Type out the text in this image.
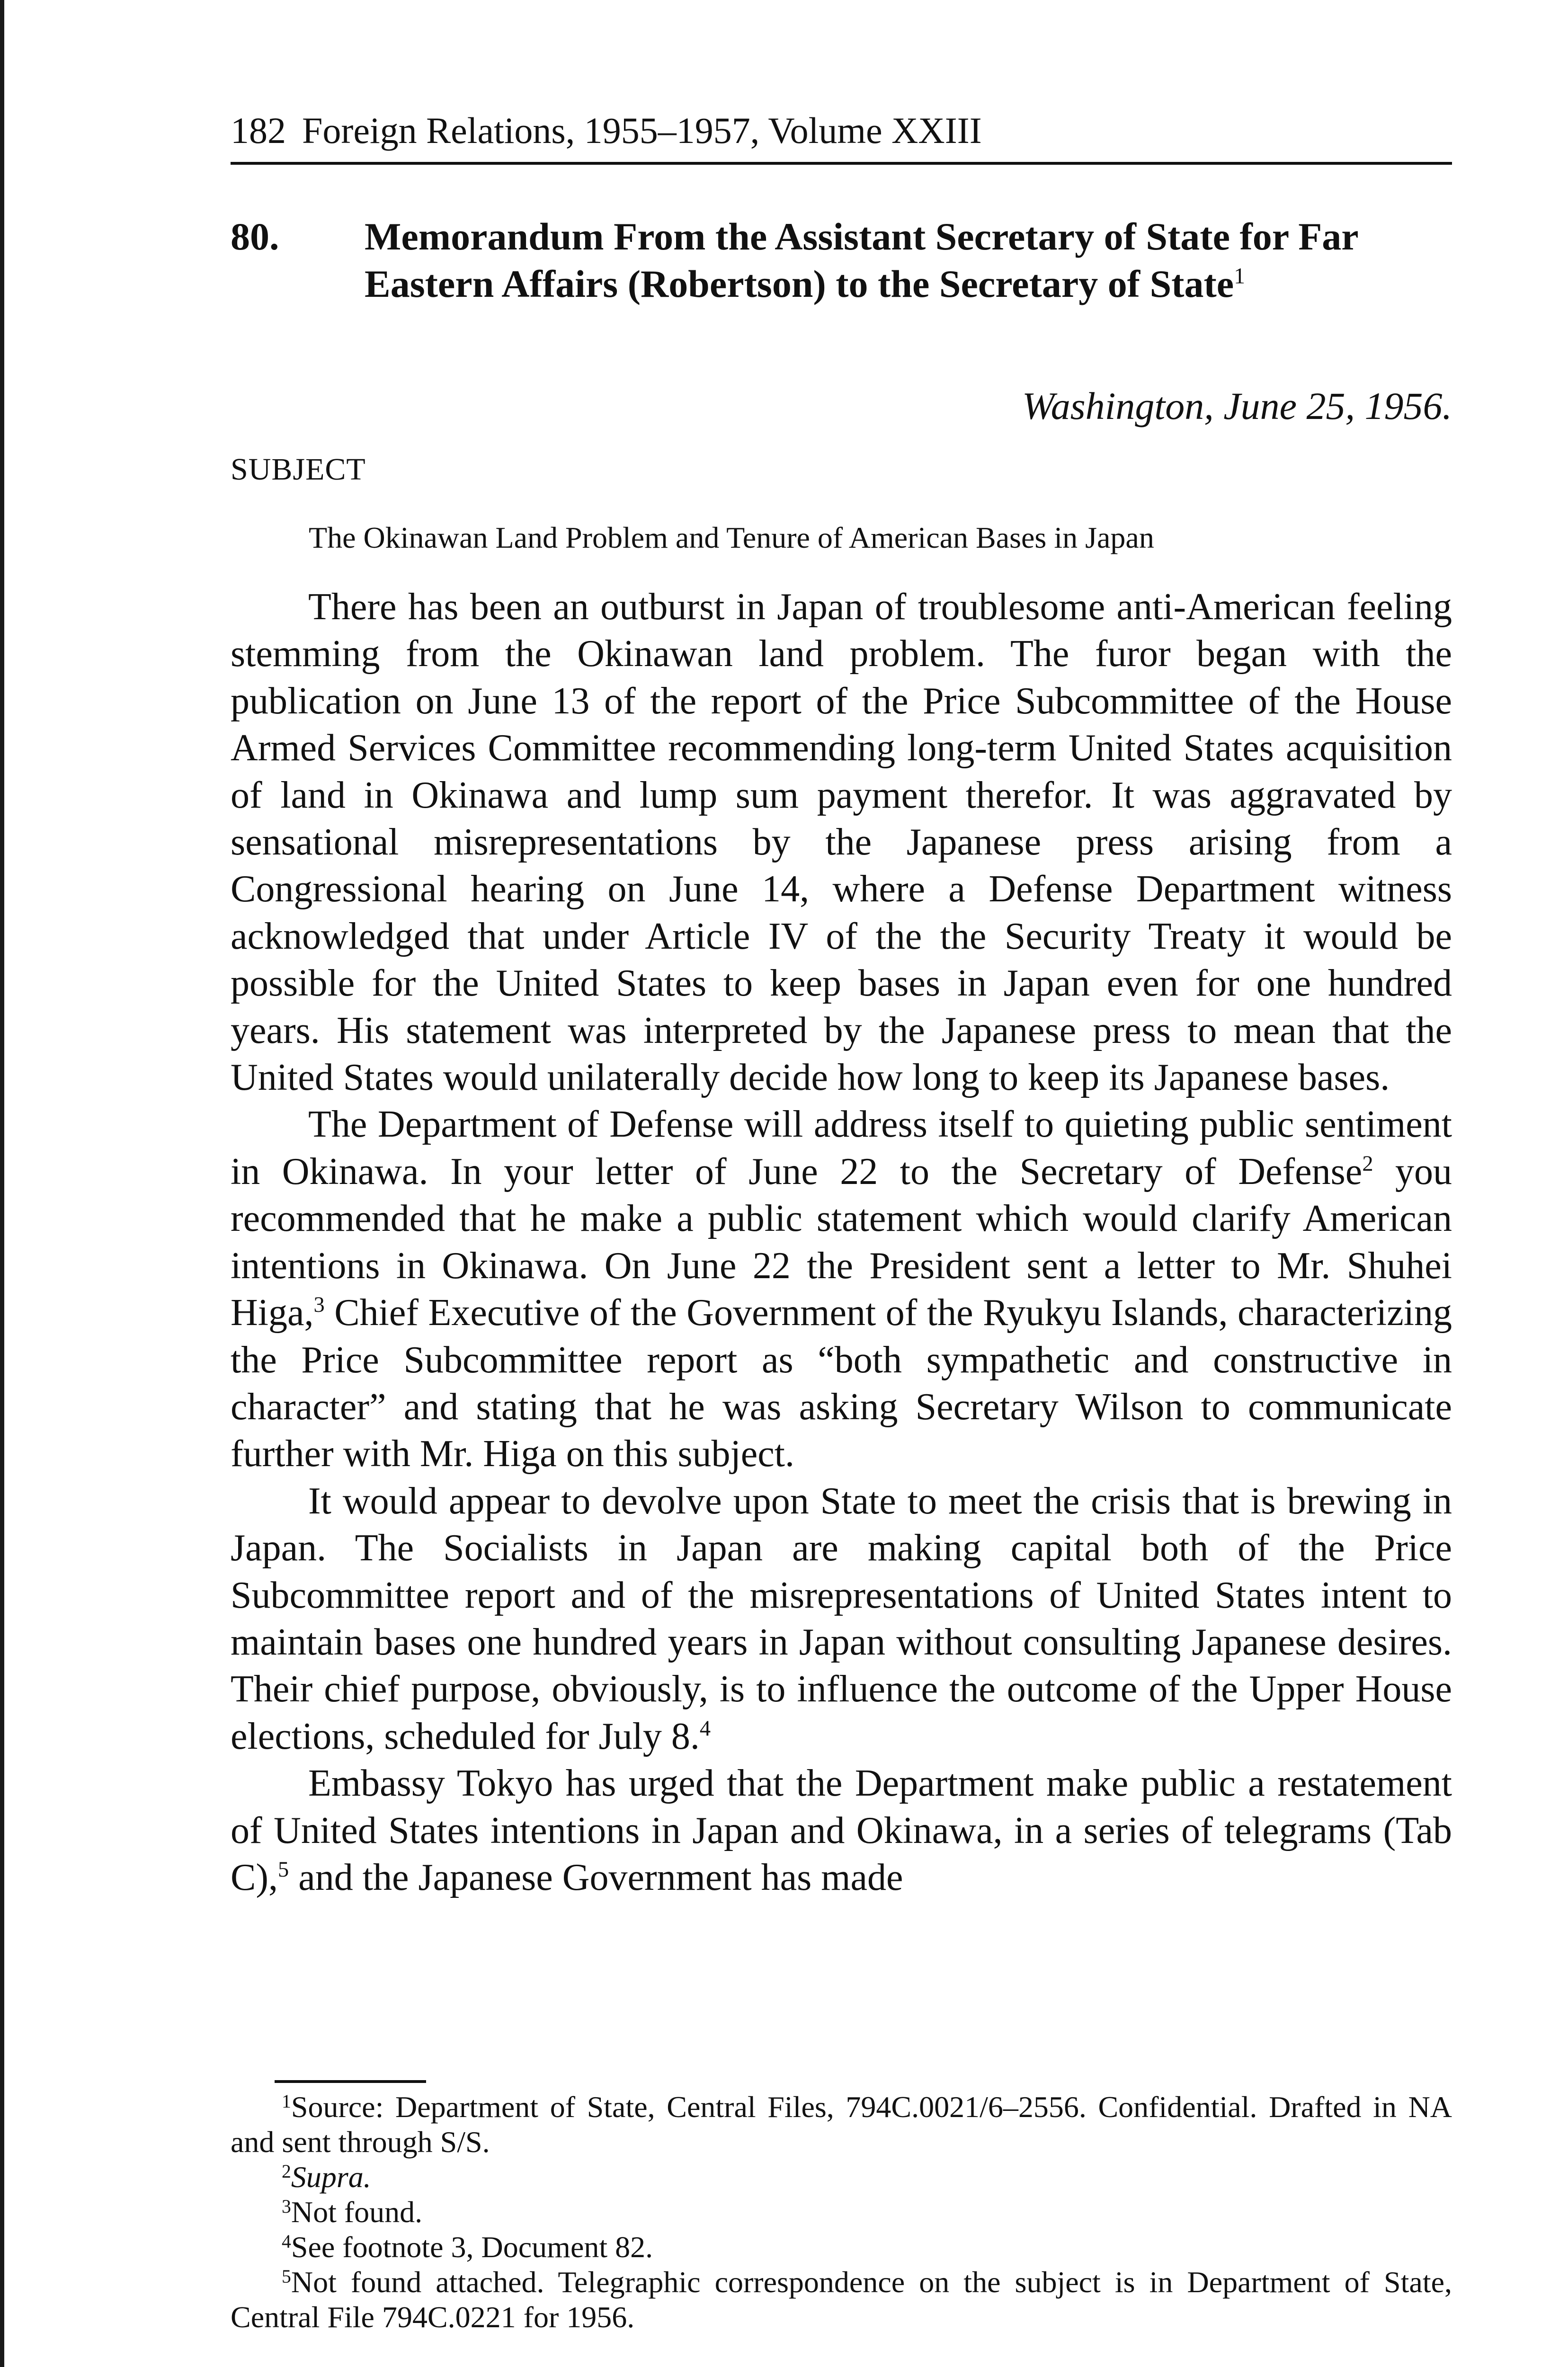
182 Foreign Relations, 1955–1957, Volume XXIII
80. Memorandum From the Assistant Secretary of State for Far Eastern Affairs (Robertson) to the Secretary of State$^1$
Washington, June 25, 1956.
SUBJECT
The Okinawan Land Problem and Tenure of American Bases in Japan

There has been an outburst in Japan of troublesome anti-American feeling stemming from the Okinawan land problem. The furor began with the publication on June 13 of the report of the Price Subcommittee of the House Armed Services Committee recommending long-term United States acquisition of land in Okinawa and lump sum payment therefor. It was aggravated by sensational misrepresentations by the Japanese press arising from a Congressional hearing on June 14, where a Defense Department witness acknowledged that under Article IV of the the Security Treaty it would be possible for the United States to keep bases in Japan even for one hundred years. His statement was interpreted by the Japanese press to mean that the United States would unilaterally decide how long to keep its Japanese bases.

The Department of Defense will address itself to quieting public sentiment in Okinawa. In your letter of June 22 to the Secretary of Defense$^2$ you recommended that he make a public statement which would clarify American intentions in Okinawa. On June 22 the President sent a letter to Mr. Shuhei Higa,$^3$ Chief Executive of the Government of the Ryukyu Islands, characterizing the Price Subcommittee report as “both sympathetic and constructive in character” and stating that he was asking Secretary Wilson to communicate further with Mr. Higa on this subject.

It would appear to devolve upon State to meet the crisis that is brewing in Japan. The Socialists in Japan are making capital both of the Price Subcommittee report and of the misrepresentations of United States intent to maintain bases one hundred years in Japan without consulting Japanese desires. Their chief purpose, obviously, is to influence the outcome of the Upper House elections, scheduled for July 8.$^4$

Embassy Tokyo has urged that the Department make public a restatement of United States intentions in Japan and Okinawa, in a series of telegrams (Tab C),$^5$ and the Japanese Government has made

$^1$Source: Department of State, Central Files, 794C.0021/6–2556. Confidential. Drafted in NA and sent through S/S.

$^2$Supra.

$^3$Not found.

$^4$See footnote 3, Document 82.

$^5$Not found attached. Telegraphic correspondence on the subject is in Department of State, Central File 794C.0221 for 1956.
